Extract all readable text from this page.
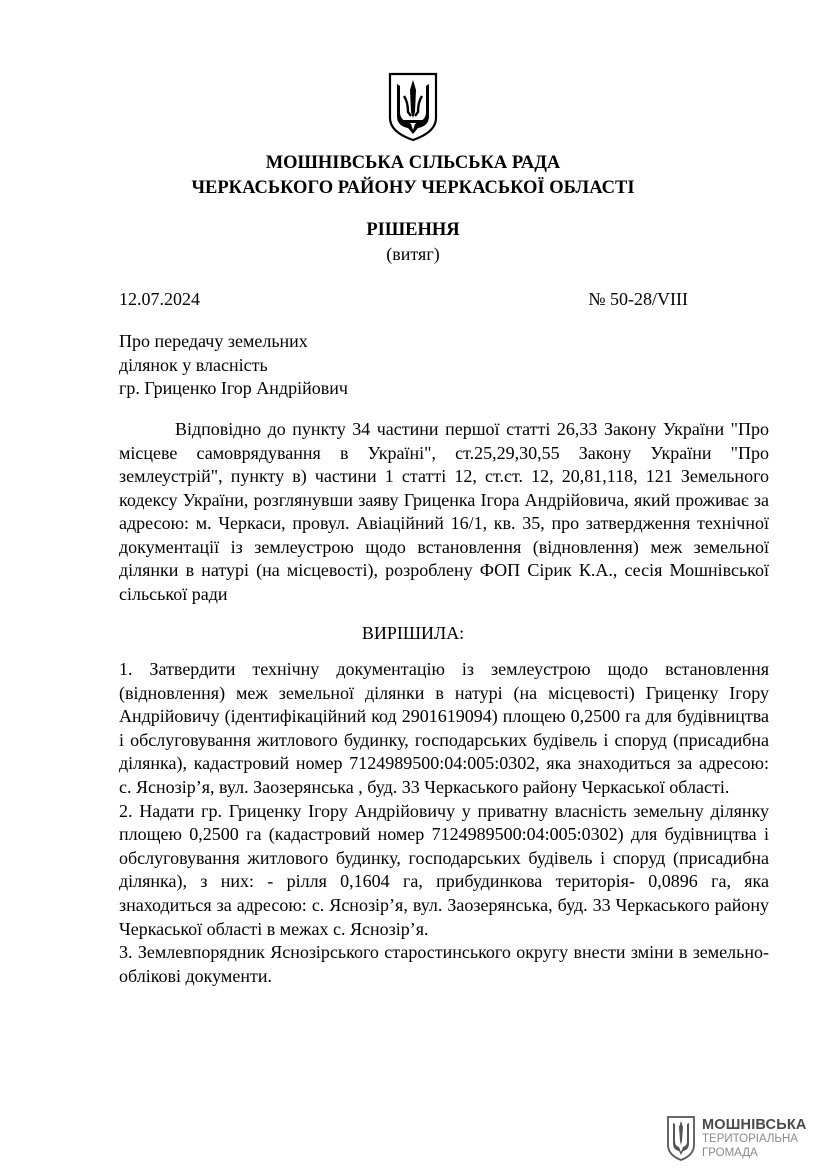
МОШНІВСЬКА СІЛЬСЬКА РАДА
ЧЕРКАСЬКОГО РАЙОНУ ЧЕРКАСЬКОЇ ОБЛАСТІ
РІШЕННЯ
(витяг)
12.07.2024	№ 50-28/VIII
Про передачу земельних
ділянок у власність
гр. Гриценко Ігор Андрійович
Відповідно до пункту 34 частини першої статті 26,33 Закону України "Про місцеве самоврядування в Україні", ст.25,29,30,55 Закону України "Про землеустрій", пункту в) частини 1 статті 12, ст.ст. 12, 20,81,118, 121 Земельного кодексу України, розглянувши заяву Гриценка Ігора Андрійовича, який проживає за адресою: м. Черкаси, провул. Авіаційний 16/1, кв. 35, про затвердження технічної документації із землеустрою щодо встановлення (відновлення) меж земельної ділянки в натурі (на місцевості), розроблену ФОП Сірик К.А., сесія Мошнівської сільської ради
ВИРІШИЛА:

1. Затвердити технічну документацію із землеустрою щодо встановлення (відновлення) меж земельної ділянки в натурі (на місцевості) Гриценку Ігору Андрійовичу (ідентифікаційний код 2901619094) площею 0,2500 га для будівництва і обслуговування житлового будинку, господарських будівель і споруд (присадибна ділянка), кадастровий номер 7124989500:04:005:0302, яка знаходиться за адресою: с. Яснозір’я, вул. Заозерянська , буд. 33 Черкаського району Черкаської області.

2. Надати гр. Гриценку Ігору Андрійовичу у приватну власність земельну ділянку площею 0,2500 га (кадастровий номер 7124989500:04:005:0302) для будівництва і обслуговування житлового будинку, господарських будівель і споруд (присадибна ділянка), з них: - рілля 0,1604 га, прибудинкова територія- 0,0896 га, яка знаходиться за адресою: с. Яснозір’я, вул. Заозерянська, буд. 33 Черкаського району Черкаської області в межах с. Яснозір’я.

3. Землевпорядник Яснозірського старостинського округу внести зміни в земельно-облікові документи.

МОШНІВСЬКА
ТЕРИТОРІАЛЬНА
ГРОМАДА
